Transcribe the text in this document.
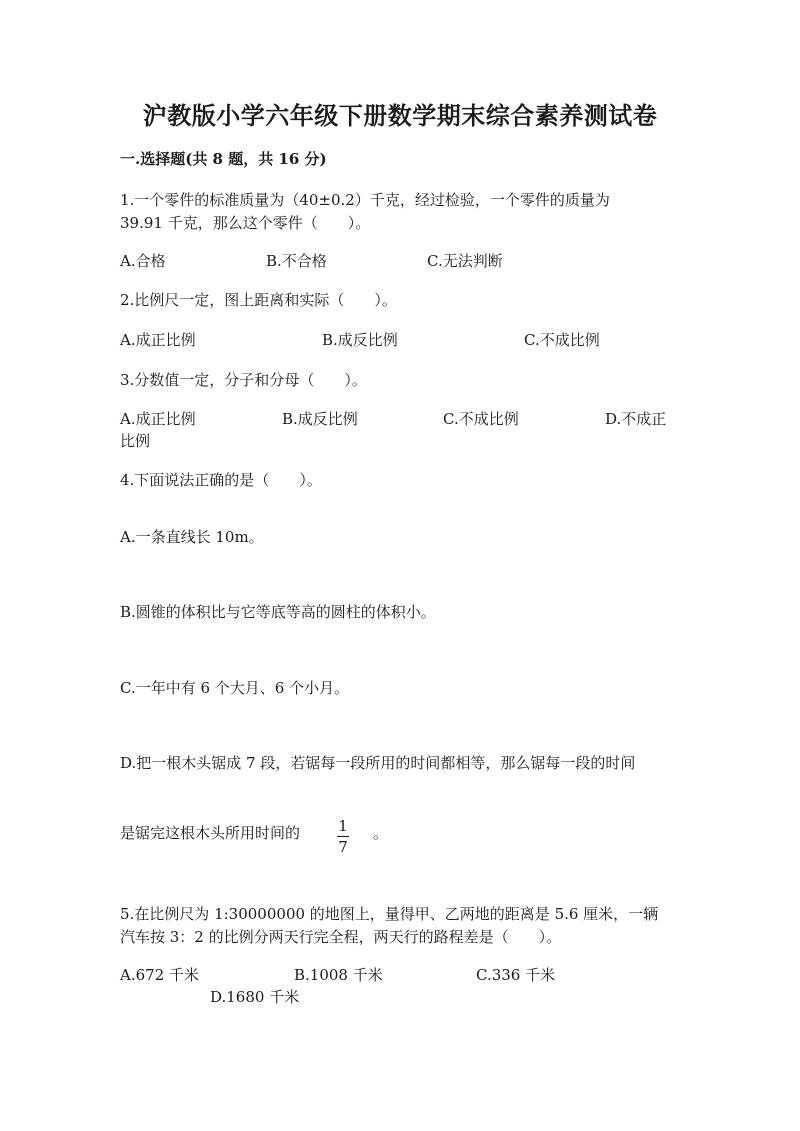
沪教版小学六年级下册数学期末综合素养测试卷
一.选择题(共 8 题，共 16 分)
1.一个零件的标准质量为（40±0.2）千克，经过检验，一个零件的质量为
39.91 千克，那么这个零件（　　）。
A.合格	B.不合格	C.无法判断
2.比例尺一定，图上距离和实际（　　）。
A.成正比例	B.成反比例	C.不成比例
3.分数值一定，分子和分母（　　）。
A.成正比例	B.成反比例	C.不成比例	D.不成正
比例
4.下面说法正确的是（　　）。
A.一条直线长 10m。
B.圆锥的体积比与它等底等高的圆柱的体积小。
C.一年中有 6 个大月、6 个小月。
D.把一根木头锯成 7 段，若锯每一段所用的时间都相等，那么锯每一段的时间
是锯完这根木头所用时间的 $\frac{1}{7}$ 。
5.在比例尺为 1:30000000 的地图上，量得甲、乙两地的距离是 5.6 厘米，一辆
汽车按 3：2 的比例分两天行完全程，两天行的路程差是（　　）。
A.672 千米	B.1008 千米	C.336 千米
D.1680 千米
